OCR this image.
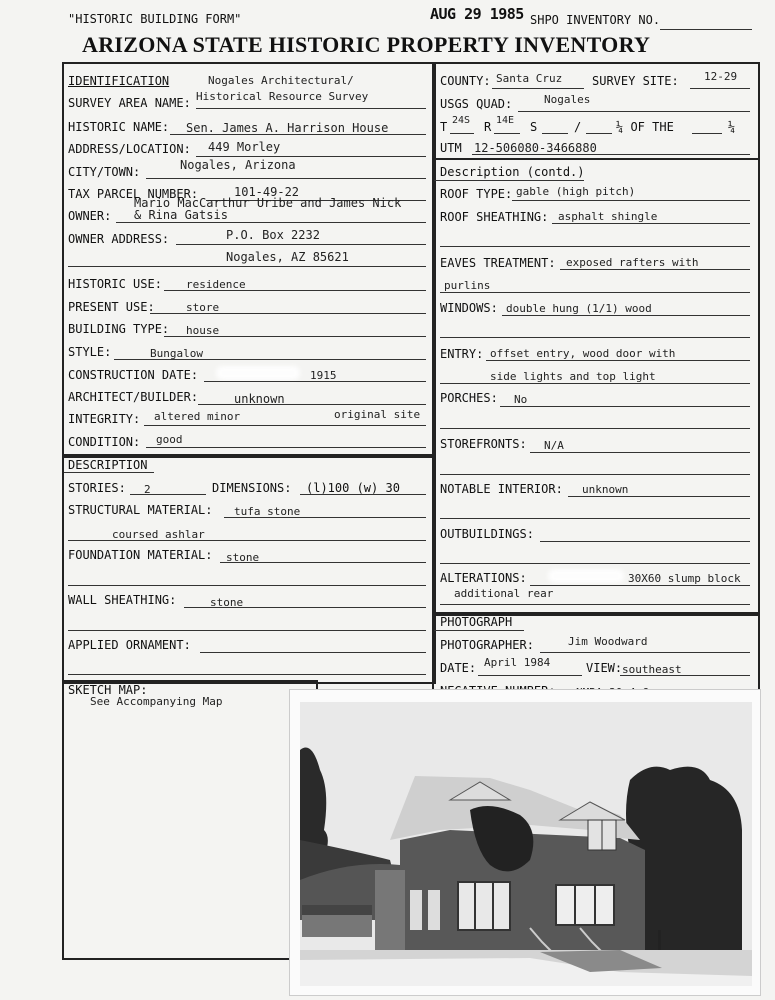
"HISTORIC BUILDING FORM"	AUG 29 1985 SHPO INVENTORY NO.
ARIZONA STATE HISTORIC PROPERTY INVENTORY
IDENTIFICATION	Nogales Architectural/
SURVEY AREA NAME: Historical Resource Survey
HISTORIC NAME: Sen. James A. Harrison House
ADDRESS/LOCATION: 449 Morley
CITY/TOWN:	Nogales, Arizona
TAX PARCEL NUMBER:	101-49-22
Mario MacCarthur Uribe and James Nick
OWNER: & Rina Gatsis
OWNER ADDRESS:	P.O. Box 2232
Nogales, AZ 85621
HISTORIC USE: residence
PRESENT USE:	store
BUILDING TYPE: house
STYLE:	Bungalow
CONSTRUCTION DATE:	1915
ARCHITECT/BUILDER:	unknown
INTEGRITY: altered minor	original site
CONDITION: good
COUNTY: Santa Cruz SURVEY SITE: 12-29
USGS QUAD:	Nogales
T 24S R 14E S	/	¼ OF THE	¼
UTM 12-506080-3466880
Description (contd.)
ROOF TYPE: gable (high pitch)
ROOF SHEATHING: asphalt shingle
EAVES TREATMENT: exposed rafters with
purlins
WINDOWS: double hung (1/1) wood
ENTRY: offset entry, wood door with
side lights and top light
PORCHES: No
STOREFRONTS: N/A
NOTABLE INTERIOR: unknown
OUTBUILDINGS:
ALTERATIONS:	30X60 slump block
additional rear
DESCRIPTION
STORIES: 2	DIMENSIONS: (l)100 (w) 30
STRUCTURAL MATERIAL: tufa stone
coursed ashlar
FOUNDATION MATERIAL: stone
WALL SHEATHING:	stone
APPLIED ORNAMENT:
PHOTOGRAPH
PHOTOGRAPHER:	Jim Woodward
DATE: April 1984	VIEW: southeast
SKETCH MAP:
See Accompanying Map
